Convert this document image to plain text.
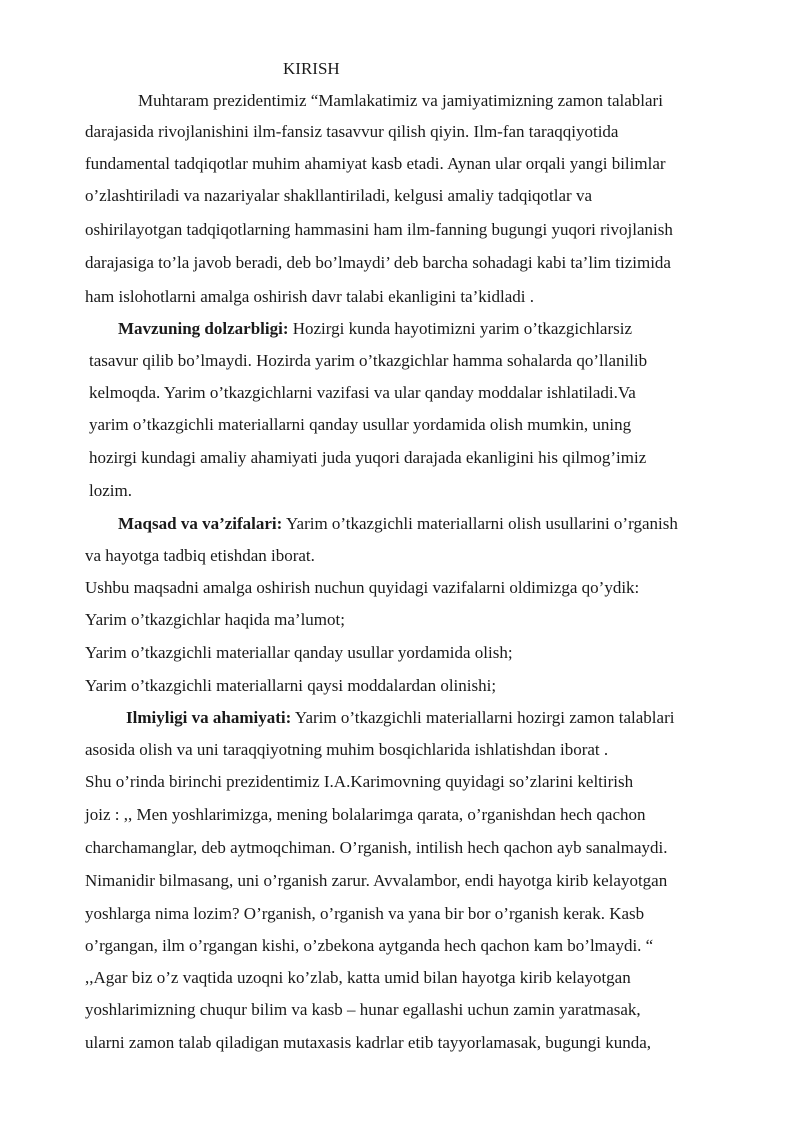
KIRISH
Muhtaram prezidentimiz “Mamlakatimiz va jamiyatimizning zamon talablari
darajasida rivojlanishini ilm-fansiz tasavvur qilish qiyin. Ilm-fan taraqqiyotida
fundamental tadqiqotlar muhim ahamiyat kasb etadi. Aynan ular orqali yangi bilimlar
o’zlashtiriladi va nazariyalar shakllantiriladi, kelgusi amaliy tadqiqotlar va
oshirilayotgan tadqiqotlarning hammasini ham ilm-fanning bugungi yuqori rivojlanish
darajasiga to’la javob beradi, deb bo’lmaydi’ deb barcha sohadagi kabi ta’lim tizimida
ham islohotlarni amalga oshirish davr talabi ekanligini ta’kidladi .
Mavzuning dolzarbligi: Hozirgi kunda hayotimizni yarim o’tkazgichlarsiz
tasavur qilib bo’lmaydi. Hozirda yarim o’tkazgichlar hamma sohalarda qo’llanilib
kelmoqda. Yarim o’tkazgichlarni vazifasi va ular qanday moddalar ishlatiladi.Va
yarim o’tkazgichli materiallarni qanday usullar yordamida olish mumkin, uning
hozirgi kundagi amaliy ahamiyati juda yuqori darajada ekanligini his qilmog’imiz
lozim.
Maqsad va va’zifalari: Yarim o’tkazgichli materiallarni olish usullarini o’rganish
va hayotga tadbiq etishdan iborat.
Ushbu maqsadni amalga oshirish nuchun quyidagi vazifalarni oldimizga qo’ydik:
Yarim o’tkazgichlar haqida ma’lumot;
Yarim o’tkazgichli materiallar qanday usullar yordamida olish;
Yarim o’tkazgichli materiallarni qaysi moddalardan olinishi;
Ilmiyligi va ahamiyati: Yarim o’tkazgichli materiallarni hozirgi zamon talablari
asosida olish va uni taraqqiyotning muhim bosqichlarida ishlatishdan iborat .
Shu o’rinda birinchi prezidentimiz I.A.Karimovning quyidagi so’zlarini keltirish
joiz : ,, Men yoshlarimizga, mening bolalarimga qarata, o’rganishdan hech qachon
charchamanglar, deb aytmoqchiman. O’rganish, intilish hech qachon ayb sanalmaydi.
Nimanidir bilmasang, uni o’rganish zarur. Avvalambor, endi hayotga kirib kelayotgan
yoshlarga nima lozim? O’rganish, o’rganish va yana bir bor o’rganish kerak. Kasb
o’rgangan, ilm o’rgangan kishi, o’zbekona aytganda hech qachon kam bo’lmaydi. “
,,Agar biz o’z vaqtida uzoqni ko’zlab, katta umid bilan hayotga kirib kelayotgan
yoshlarimizning chuqur bilim va kasb – hunar egallashi uchun zamin yaratmasak,
ularni zamon talab qiladigan mutaxasis kadrlar etib tayyorlamasak, bugungi kunda,
